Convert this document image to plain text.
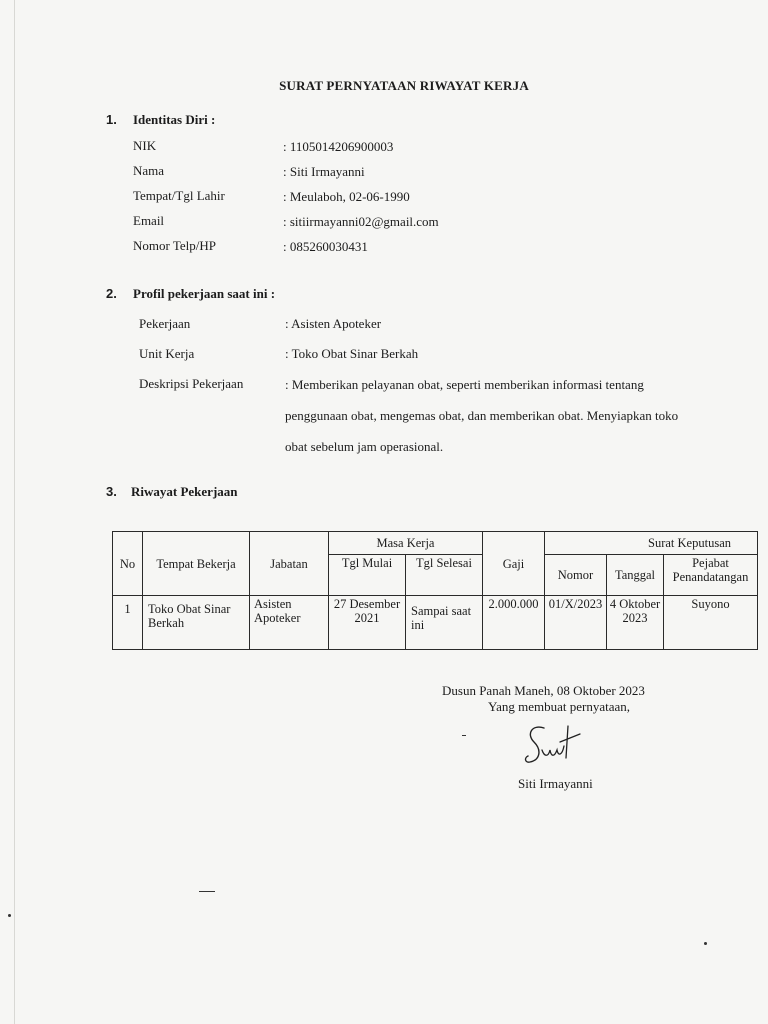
SURAT PERNYATAAN RIWAYAT KERJA
1. Identitas Diri :
NIK	: 1105014206900003
Nama	: Siti Irmayanni
Tempat/Tgl Lahir	: Meulaboh, 02-06-1990
Email	: sitiirmayanni02@gmail.com
Nomor Telp/HP	: 085260030431
2. Profil pekerjaan saat ini :
Pekerjaan	: Asisten Apoteker
Unit Kerja	: Toko Obat Sinar Berkah
Deskripsi Pekerjaan	: Memberikan pelayanan obat, seperti memberikan informasi tentang
penggunaan obat, mengemas obat, dan memberikan obat. Menyiapkan toko
obat sebelum jam operasional.
3. Riwayat Pekerjaan
No	Tempat Bekerja	Jabatan	Masa Kerja		Gaji	Surat Keputusan		
			Tgl Mulai	Tgl Selesai		Nomor	Tanggal	Pejabat Penandatangan
1	Toko Obat Sinar Berkah	Asisten Apoteker	27 Desember 2021	Sampai saat ini	2.000.000	01/X/2023	4 Oktober 2023	Suyono
Dusun Panah Maneh, 08 Oktober 2023
Yang membuat pernyataan,
Siti Irmayanni
